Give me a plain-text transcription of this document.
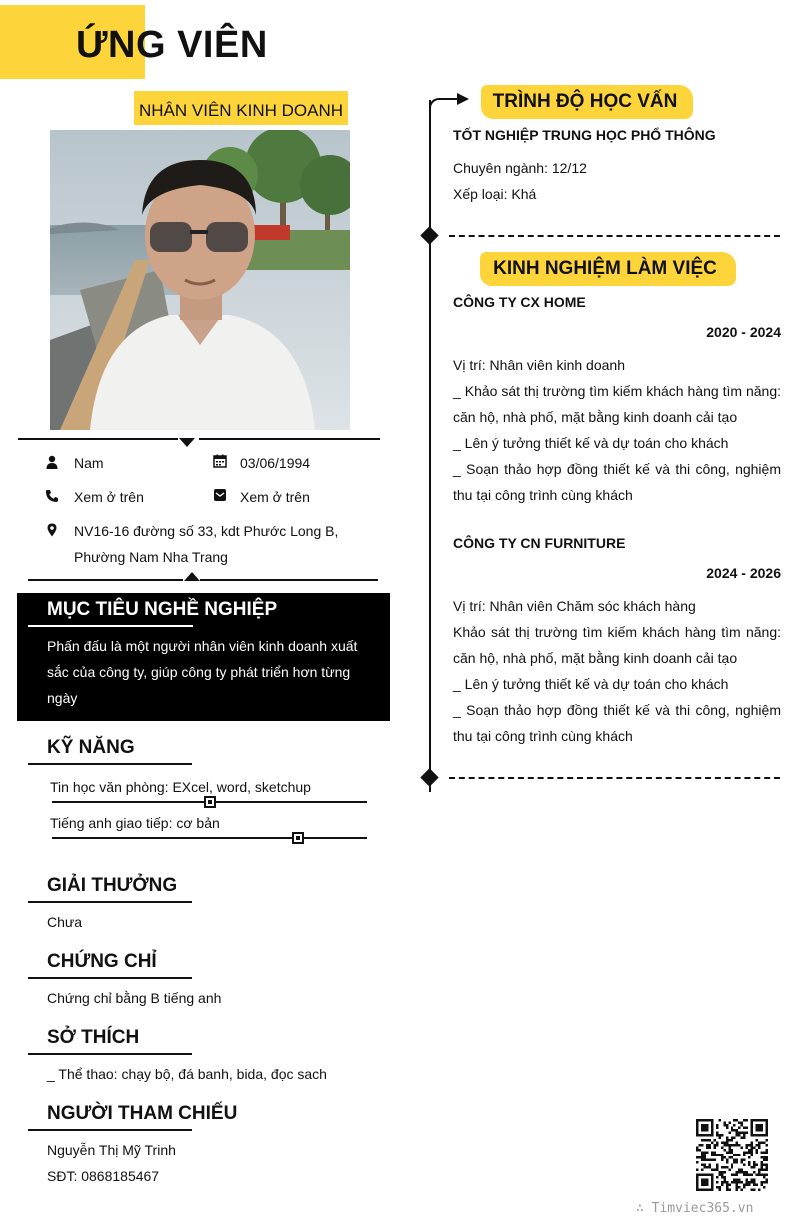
ỨNG VIÊN
NHÂN VIÊN KINH DOANH
Nam	03/06/1994
Xem ở trên	Xem ở trên
NV16-16 đường số 33, kdt Phước Long B, Phường Nam Nha Trang
MỤC TIÊU NGHỀ NGHIỆP
Phấn đấu là một người nhân viên kinh doanh xuất sắc của công ty, giúp công ty phát triển hơn từng ngày
KỸ NĂNG
Tin học văn phòng: EXcel, word, sketchup
Tiếng anh giao tiếp: cơ bản
GIẢI THƯỞNG
Chưa
CHỨNG CHỈ
Chứng chỉ bằng B tiếng anh
SỞ THÍCH
_ Thể thao: chạy bộ, đá banh, bida, đọc sach
NGƯỜI THAM CHIẾU
Nguyễn Thị Mỹ Trinh
SĐT: 0868185467
TRÌNH ĐỘ HỌC VẤN
TỐT NGHIỆP TRUNG HỌC PHỔ THÔNG
Chuyên ngành: 12/12
Xếp loại: Khá
KINH NGHIỆM LÀM VIỆC
CÔNG TY CX HOME
2020 - 2024
Vị trí: Nhân viên kinh doanh
_ Khảo sát thị trường tìm kiếm khách hàng tìm năng: căn hộ, nhà phố, mặt bằng kinh doanh cải tạo
_ Lên ý tưởng thiết kế và dự toán cho khách
_ Soạn thảo hợp đồng thiết kế và thi công, nghiệm thu tại công trình cùng khách
CÔNG TY CN FURNITURE
2024 - 2026
Vị trí: Nhân viên Chăm sóc khách hàng
Khảo sát thị trường tìm kiếm khách hàng tìm năng: căn hộ, nhà phố, mặt bằng kinh doanh cải tạo
_ Lên ý tưởng thiết kế và dự toán cho khách
_ Soạn thảo hợp đồng thiết kế và thi công, nghiệm thu tại công trình cùng khách
∴ Timviec365.vn
